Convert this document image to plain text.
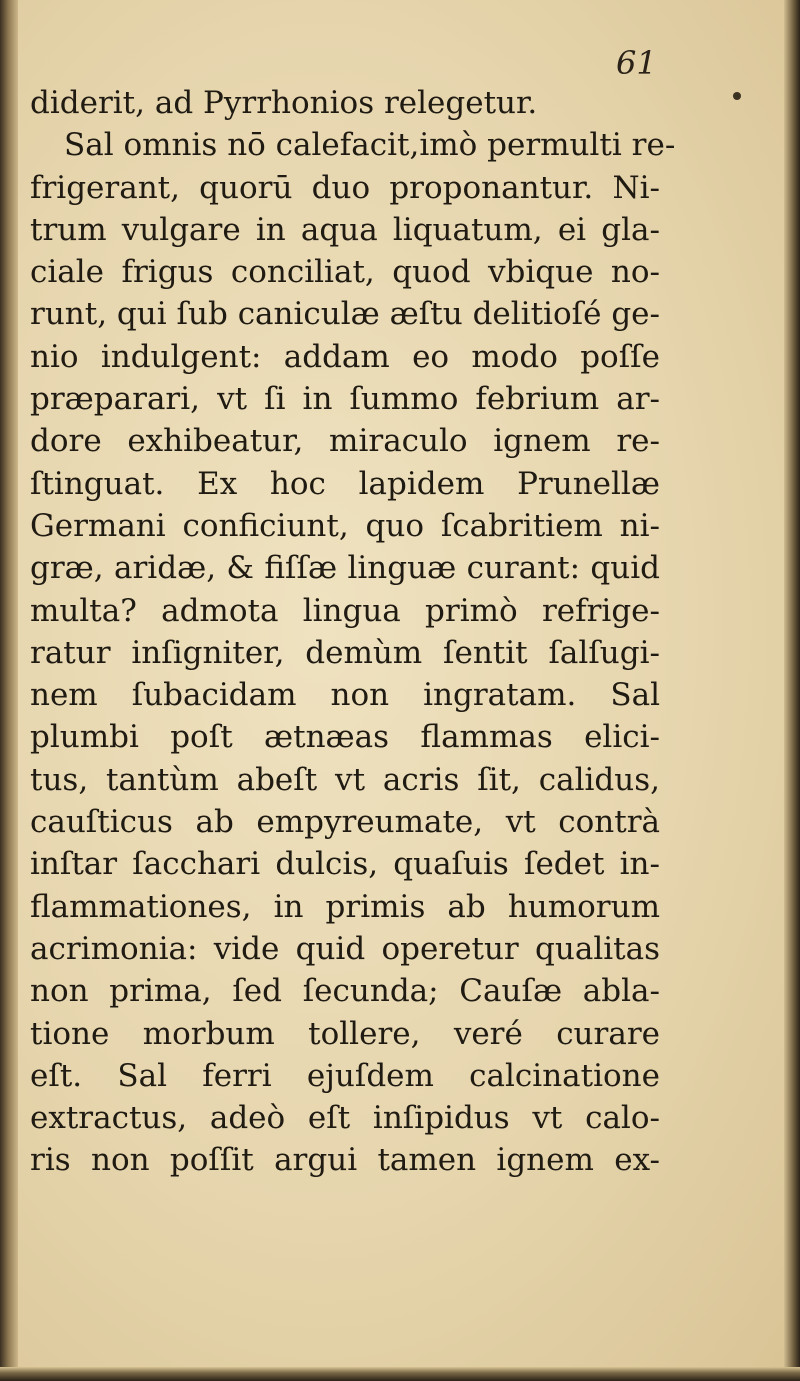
61
diderit, ad Pyrrhonios relegetur.
Sal omnis nō calefacit,imò permulti re-
frigerant, quorū duo proponantur. Ni-
trum vulgare in aqua liquatum, ei gla-
ciale frigus conciliat, quod vbique no-
runt, qui ſub caniculæ æſtu delitioſé ge-
nio indulgent: addam eo modo poſſe
præparari, vt ſi in ſummo febrium ar-
dore exhibeatur, miraculo ignem re-
ſtinguat. Ex hoc lapidem Prunellæ
Germani conficiunt, quo ſcabritiem ni-
græ, aridæ, & fiſſæ linguæ curant: quid
multa? admota lingua primò refrige-
ratur inſigniter, demùm ſentit ſalſugi-
nem ſubacidam non ingratam. Sal
plumbi poſt ætnæas flammas elici-
tus, tantùm abeſt vt acris ſit, calidus,
cauſticus ab empyreumate, vt contrà
inſtar ſacchari dulcis, quaſuis ſedet in-
flammationes, in primis ab humorum
acrimonia: vide quid operetur qualitas
non prima, ſed ſecunda; Cauſæ abla-
tione morbum tollere, veré curare
eſt. Sal ferri ejuſdem calcinatione
extractus, adeò eſt inſipidus vt calo-
ris non poſſit argui tamen ignem ex-
